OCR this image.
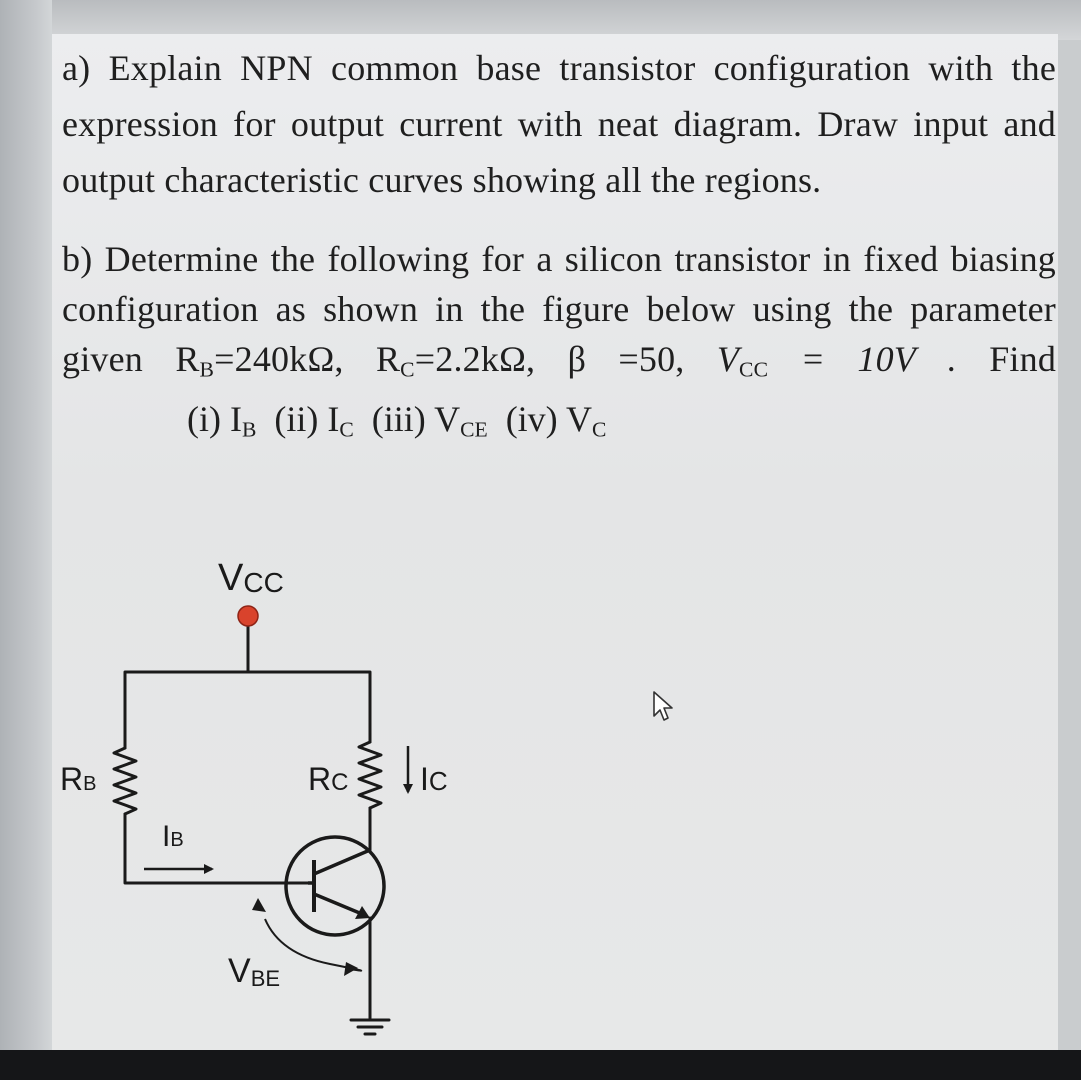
a) Explain NPN common base transistor configuration with the
expression for output current with neat diagram. Draw input and
output characteristic curves showing all the regions.

b) Determine the following for a silicon transistor in fixed biasing
configuration as shown in the figure below using the parameter
given $R_B=240k\Omega$, $R_C=2.2k\Omega$, β =50, $V_{CC} = 10V$ . Find

(i) $I_B$ (ii) $I_C$ (iii) $V_{CE}$ (iv) $V_C$
VCC
RB	RC IC
IB
VBE
